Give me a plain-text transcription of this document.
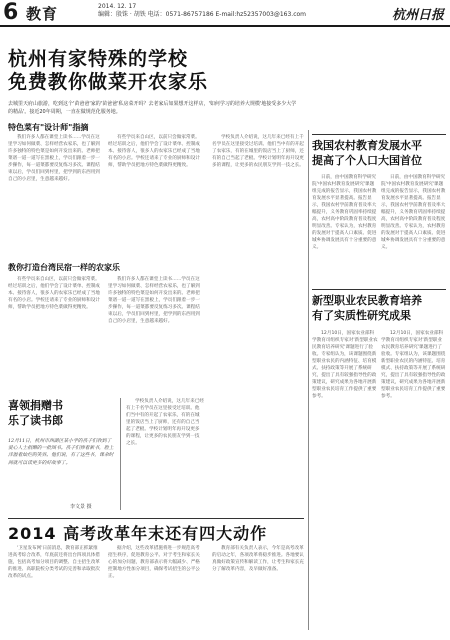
6 教育	2014. 12. 17
编辑：殷铢 · 胡铁 电话：0571-86757186 E-mail:hz52357003@163.com	杭州日报
杭州有家特殊的学校
免费教你做菜开农家乐
去城里天府山旅游，吃到这个'苗爸爸'家的'苗爸爸'私房菜开吗？去老家后如果想开这样店，'如何学习的培养大规模'地接受多少大学的精品'。接近20年周期，一直在做规范化服务地。
特色菜有"设计师"指摘

我们许多人都在课堂上读书……学员在这里学习如何做菜、怎样经营农家乐，也了解到许多独特的特色菜是如何开发出来的。老师把菜谱一道一道写在黑板上，学员们跟着一步一步操作，每一道菜都要反复练习多次。课程结束以后，学员们回到村里，把学到的东西用到自己的小店里，生意越来越好。

有些学员来自山区，以前只会做家常菜。经过培训之后，他们学会了设计菜单、控制成本、接待客人，很多人的农家乐已经成了当地有名的小店。学校还请来了专业的厨师和设计师，帮助学员把地方特色菜做得更精致。

学校负责人介绍说，这几年来已经有上千名学员在这里接受过培训。他们当中有的开起了农家乐，有的在城里的饭店当上了厨师，还有的自己当起了老板。学校计划明年再开设更多的课程，让更多的农民朋友学到一技之长。

教你打造台湾民宿一样的农家乐

有些学员来自山区，以前只会做家常菜。经过培训之后，他们学会了设计菜单、控制成本、接待客人，很多人的农家乐已经成了当地有名的小店。学校还请来了专业的厨师和设计师，帮助学员把地方特色菜做得更精致。

我们许多人都在课堂上读书……学员在这里学习如何做菜、怎样经营农家乐，也了解到许多独特的特色菜是如何开发出来的。老师把菜谱一道一道写在黑板上，学员们跟着一步一步操作，每一道菜都要反复练习多次。课程结束以后，学员们回到村里，把学到的东西用到自己的小店里，生意越来越好。

我国农村教育发展水平
提高了个人口大国首位

日前，由中国教育科学研究院'中国农村教育发展研究'课题组完成的报告显示，我国农村教育发展水平显著提高。报告显示，我国农村学前教育普及率大幅提升，义务教育巩固率持续提高，农村高中阶段教育普及程度明显改善。专家认为，农村教育的发展对于提高人口素质、促进城乡协调发展具有十分重要的意义。

日前，由中国教育科学研究院'中国农村教育发展研究'课题组完成的报告显示，我国农村教育发展水平显著提高。报告显示，我国农村学前教育普及率大幅提升，义务教育巩固率持续提高，农村高中阶段教育普及程度明显改善。专家认为，农村教育的发展对于提高人口素质、促进城乡协调发展具有十分重要的意义。

新型职业农民教育培养
有了实质性研究成果

12月10日，国家农业部科学教育司组织专家对'新型职业农民教育培养研究'课题进行了验收。专家组认为，该课题围绕新型职业农民的内涵特征、培育模式、扶持政策等开展了系统研究，提出了具有较强指导性的政策建议，研究成果为各地开展新型职业农民培育工作提供了重要参考。

12月10日，国家农业部科学教育司组织专家对'新型职业农民教育培养研究'课题进行了验收。专家组认为，该课题围绕新型职业农民的内涵特征、培育模式、扶持政策等开展了系统研究，提出了具有较强指导性的政策建议，研究成果为各地开展新型职业农民培育工作提供了重要参考。

喜领捐赠书
乐了读书郎
12月11日，杭州市西湖区某小学的孩子们收到了爱心人士捐赠的一批图书。孩子们捧着新书，脸上洋溢着灿烂的笑容。他们说，有了这些书，课余时间就可以读更多的好故事了。
李文景 摄

学校负责人介绍说，这几年来已经有上千名学员在这里接受过培训。他们当中有的开起了农家乐，有的在城里的饭店当上了厨师，还有的自己当起了老板。学校计划明年再开设更多的课程，让更多的农民朋友学到一技之长。

2014 高考改革年末还有四大动作

'卫星发布网'日前消息，教育部正抓紧推进高考综合改革，年底前还将出台四项具体措施，包括高考加分项目的调整、自主招生改革的推进、高职院校分类考试的完善和录取批次改革的试点。

据介绍，这些改革措施将进一步规范高考招生秩序，促进教育公平。对于考生和家长关心的加分问题，教育部表示将大幅减少、严格控制地方性加分项目，确保考试招生的公平公正。

教育部有关负责人表示，今年是高考改革的启动之年，各项改革将稳步推进。各地要认真做好政策宣传和解读工作，让考生和家长充分了解改革内容，及早做好准备。
